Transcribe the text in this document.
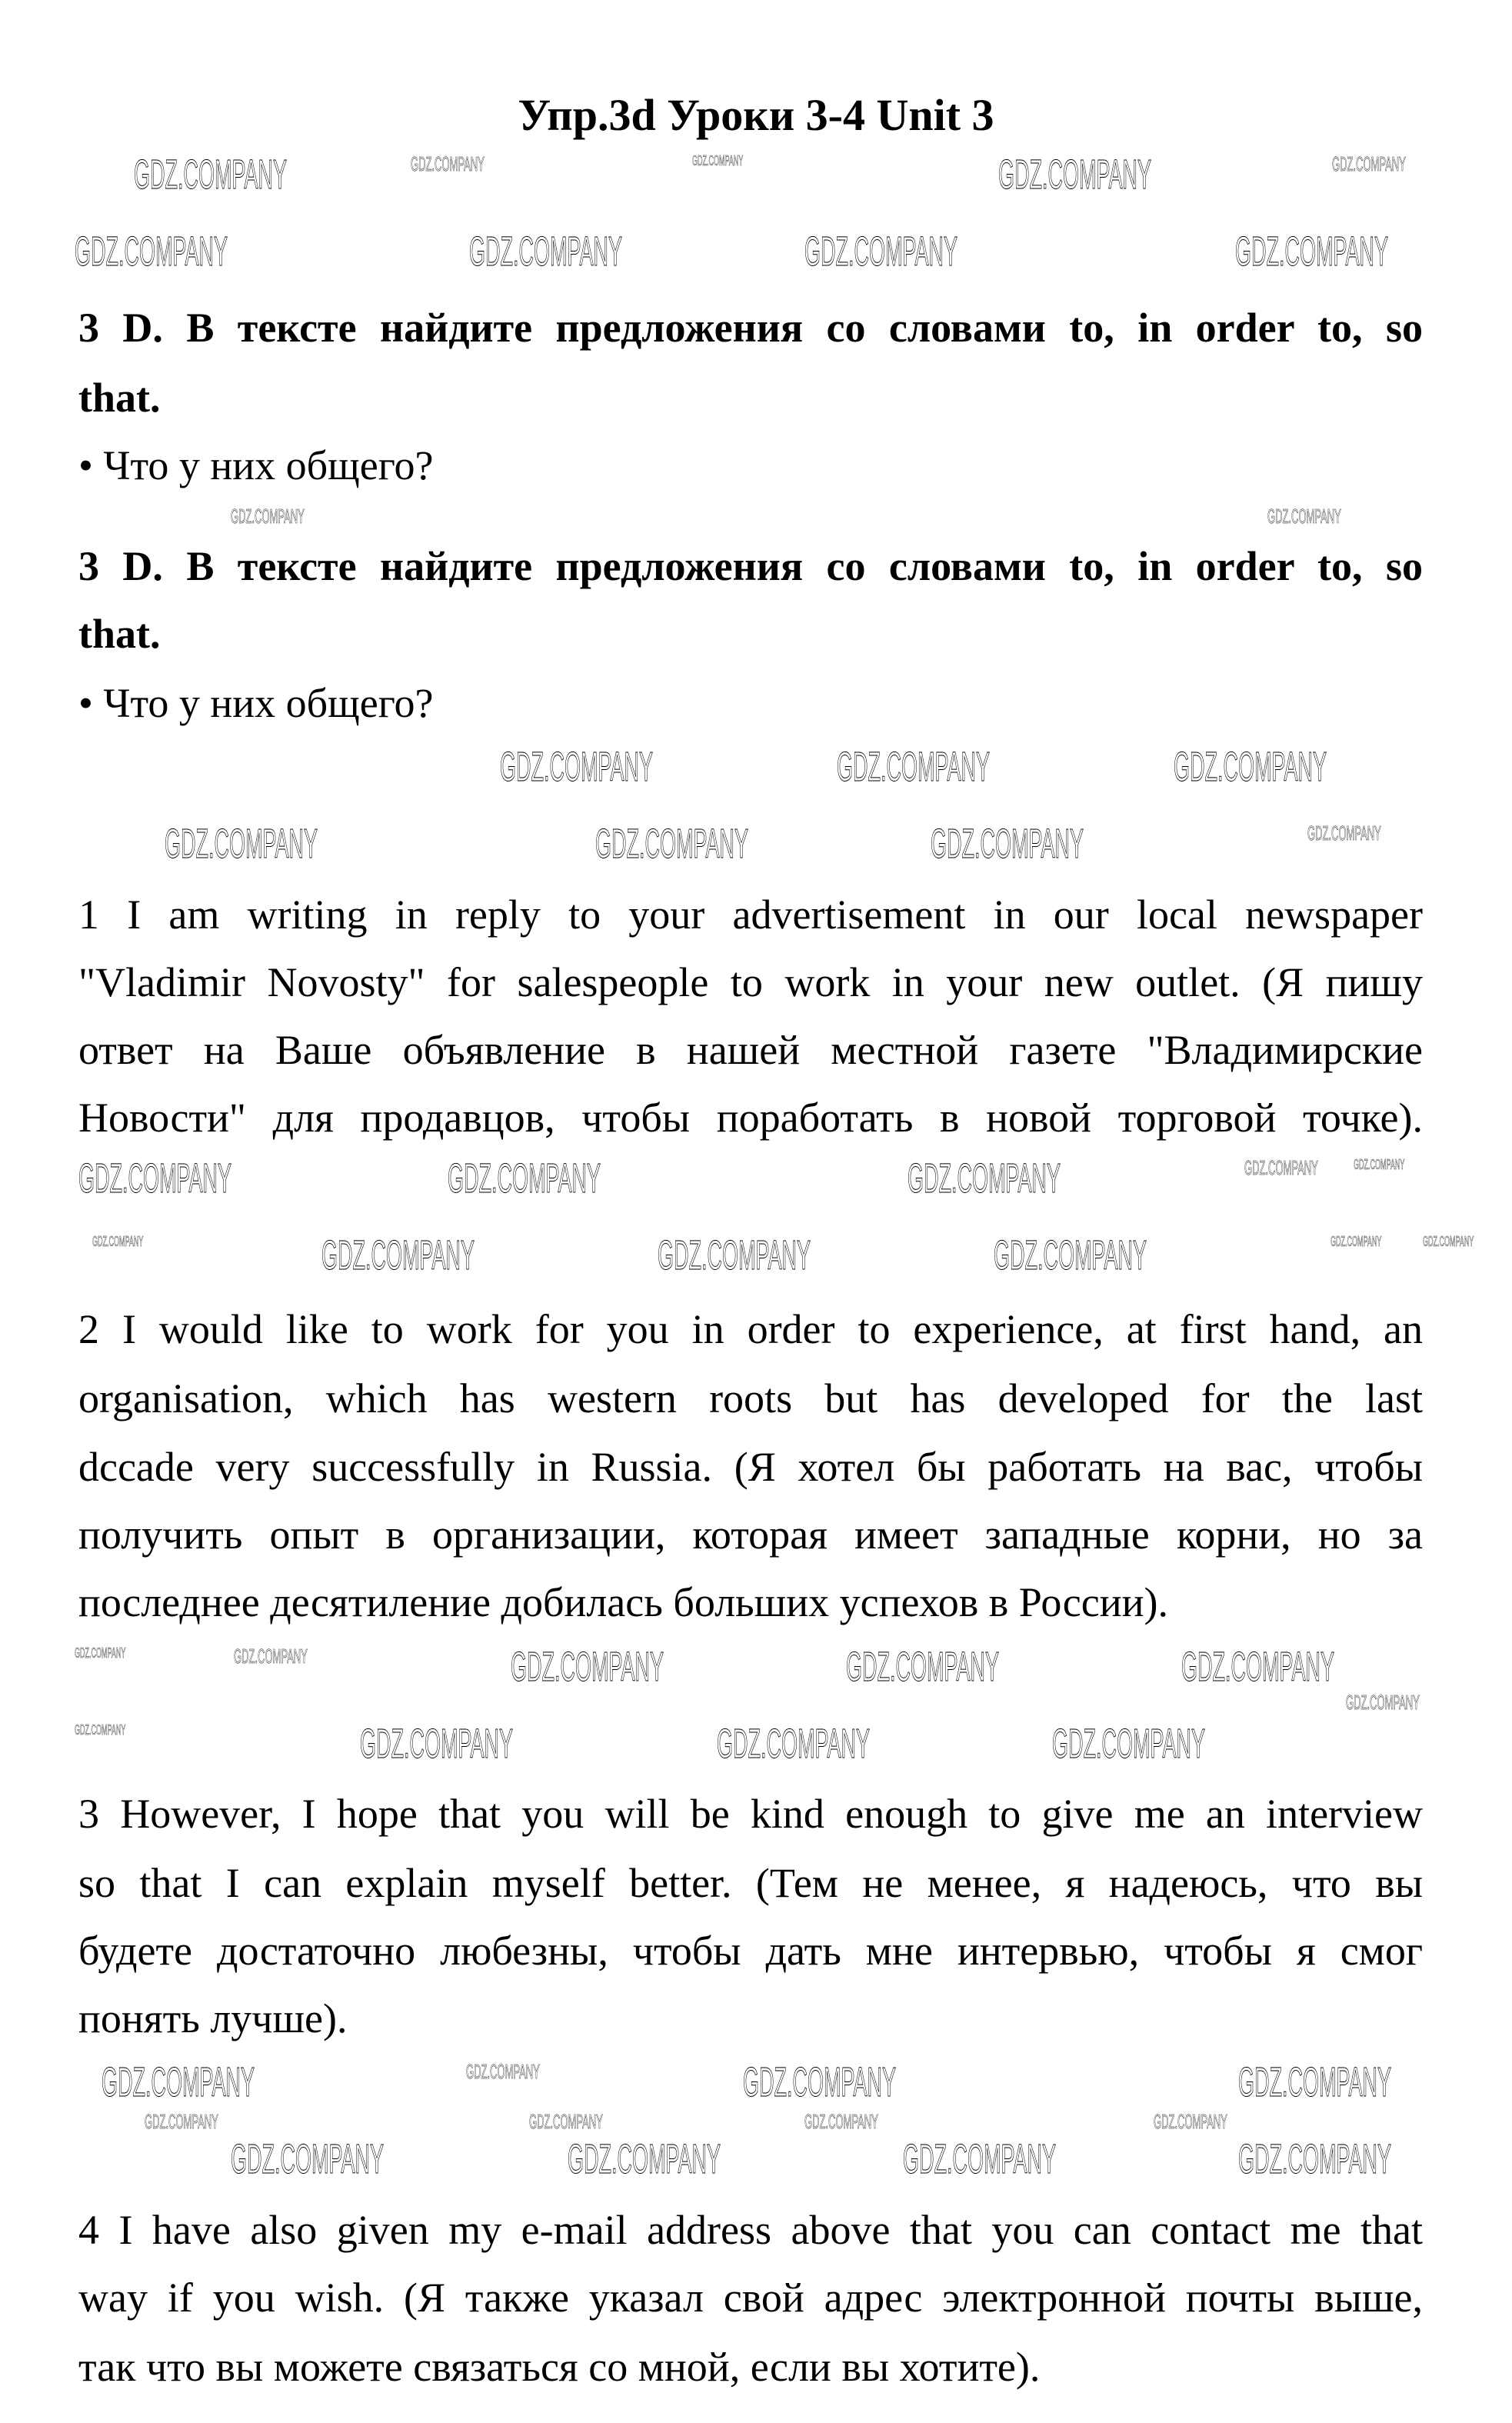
Упр.3d Уроки 3-4 Unit 3
3 D. В тексте найдите предложения со словами to, in order to, so
that.
• Что у них общего?
3 D. В тексте найдите предложения со словами to, in order to, so
that.
• Что у них общего?
1 I am writing in reply to your advertisement in our local newspaper
"Vladimir Novosty" for salespeople to work in your new outlet. (Я пишу
ответ на Ваше объявление в нашей местной газете "Владимирские
Новости" для продавцов, чтобы поработать в новой торговой точке).
2 I would like to work for you in order to experience, at first hand, an
organisation, which has western roots but has developed for the last
dccade very successfully in Russia. (Я хотел бы работать на вас, чтобы
получить опыт в организации, которая имеет западные корни, но за
последнее десятиление добилась больших успехов в России).
3 However, I hope that you will be kind enough to give me an interview
so that I can explain myself better. (Тем не менее, я надеюсь, что вы
будете достаточно любезны, чтобы дать мне интервью, чтобы я смог
понять лучше).
4 I have also given my e-mail address above that you can contact me that
way if you wish. (Я также указал свой адрес электронной почты выше,
так что вы можете связаться со мной, если вы хотите).
GDZ.COMPANY	GDZ.COMPANY	GDZ.COMPANY	GDZ.COMPANY	GDZ.COMPANY
GDZ.COMPANY	GDZ.COMPANY	GDZ.COMPANY	GDZ.COMPANY
GDZ.COMPANY	GDZ.COMPANY
GDZ.COMPANY	GDZ.COMPANY	GDZ.COMPANY
GDZ.COMPANY	GDZ.COMPANY	GDZ.COMPANY	GDZ.COMPANY
GDZ.COMPANY	GDZ.COMPANY	GDZ.COMPANY	GDZ.COMPANY	GDZ.COMPANY
GDZ.COMPANY	GDZ.COMPANY	GDZ.COMPANY	GDZ.COMPANY	GDZ.COMPANY	GDZ.COMPANY
GDZ.COMPANY	GDZ.COMPANY	GDZ.COMPANY	GDZ.COMPANY	GDZ.COMPANY
GDZ.COMPANY
GDZ.COMPANY	GDZ.COMPANY	GDZ.COMPANY	GDZ.COMPANY
GDZ.COMPANY	GDZ.COMPANY	GDZ.COMPANY	GDZ.COMPANY
GDZ.COMPANY	GDZ.COMPANY	GDZ.COMPANY	GDZ.COMPANY
GDZ.COMPANY	GDZ.COMPANY	GDZ.COMPANY	GDZ.COMPANY
